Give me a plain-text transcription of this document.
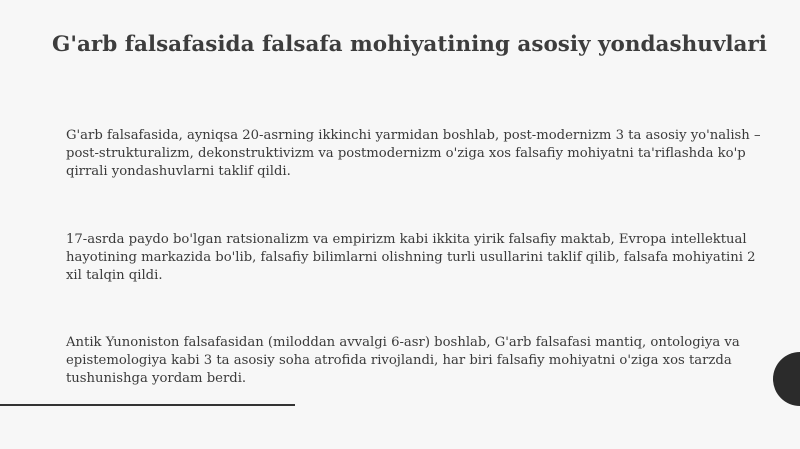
G'arb falsafasida falsafa mohiyatining asosiy yondashuvlari

G'arb falsafasida, ayniqsa 20-asrning ikkinchi yarmidan boshlab, post-modernizm 3 ta asosiy yo'nalish – post-strukturalizm, dekonstruktivizm va postmodernizm o'ziga xos falsafiy mohiyatni ta'riflashda ko'p qirrali yondashuvlarni taklif qildi.

17-asrda paydo bo'lgan ratsionalizm va empirizm kabi ikkita yirik falsafiy maktab, Evropa intellektual hayotining markazida bo'lib, falsafiy bilimlarni olishning turli usullarini taklif qilib, falsafa mohiyatini 2 xil talqin qildi.

Antik Yunoniston falsafasidan (miloddan avvalgi 6-asr) boshlab, G'arb falsafasi mantiq, ontologiya va epistemologiya kabi 3 ta asosiy soha atrofida rivojlandi, har biri falsafiy mohiyatni o'ziga xos tarzda tushunishga yordam berdi.
